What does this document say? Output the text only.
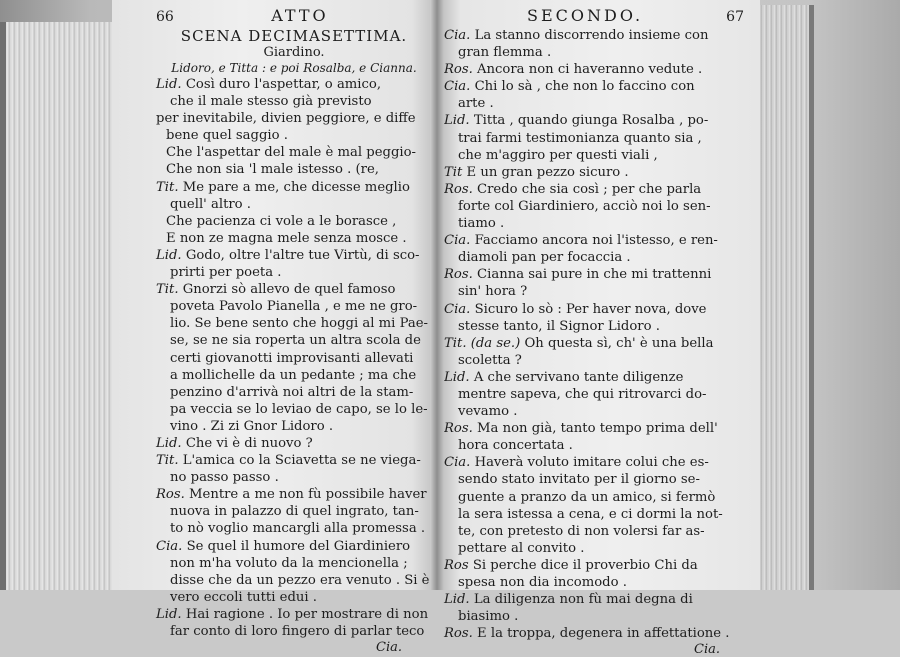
66	ATTO
SCENA DECIMASETTIMA.
Giardino.
Lidoro, e Titta : e poi Rosalba, e Cianna.
Lid. Così duro l'aspettar, o amico,
che il male stesso già previsto
per inevitabile, divien peggiore, e diffe
bene quel saggio .
Che l'aspettar del male è mal peggio-
Che non sia 'l male istesso . (re,
Tit. Me pare a me, che dicesse meglio
quell' altro .
Che pacienza ci vole a le borasce ,
E non ze magna mele senza mosce .
Lid. Godo, oltre l'altre tue Virtù, di sco-
prirti per poeta .
Tit. Gnorzi sò allevo de quel famoso
poveta Pavolo Pianella , e me ne gro-
lio. Se bene sento che hoggi al mi Pae-
se, se ne sia roperta un altra scola de
certi giovanotti improvisanti allevati
a mollichelle da un pedante ; ma che
penzino d'arrivà noi altri de la stam-
pa veccia se lo leviao de capo, se lo le-
vino . Zi zi Gnor Lidoro .
Lid. Che vi è di nuovo ?
Tit. L'amica co la Sciavetta se ne viega-
no passo passo .
Ros. Mentre a me non fù possibile haver
nuova in palazzo di quel ingrato, tan-
to nò voglio mancargli alla promessa .
Cia. Se quel il humore del Giardiniero
non m'ha voluto da la mencionella ;
disse che da un pezzo era venuto . Si è
vero eccoli tutti edui .
Lid. Hai ragione . Io per mostrare di non
far conto di loro fingero di parlar teco
Cia.
SECONDO.	67
Cia. La stanno discorrendo insieme con
gran flemma .
Ros. Ancora non ci haveranno vedute .
Cia. Chi lo sà , che non lo faccino con
arte .
Lid. Titta , quando giunga Rosalba , po-
trai farmi testimonianza quanto sia ,
che m'aggiro per questi viali ,
Tit E un gran pezzo sicuro .
Ros. Credo che sia così ; per che parla
forte col Giardiniero, acciò noi lo sen-
tiamo .
Cia. Facciamo ancora noi l'istesso, e ren-
diamoli pan per focaccia .
Ros. Cianna sai pure in che mi trattenni
sin' hora ?
Cia. Sicuro lo sò : Per haver nova, dove
stesse tanto, il Signor Lidoro .
Tit. (da se.) Oh questa sì, ch' è una bella
scoletta ?
Lid. A che servivano tante diligenze
mentre sapeva, che qui ritrovarci do-
vevamo .
Ros. Ma non già, tanto tempo prima dell'
hora concertata .
Cia. Haverà voluto imitare colui che es-
sendo stato invitato per il giorno se-
guente a pranzo da un amico, si fermò
la sera istessa a cena, e ci dormi la not-
te, con pretesto di non volersi far as-
pettare al convito .
Ros Si perche dice il proverbio Chi da
spesa non dia incomodo .
Lid. La diligenza non fù mai degna di
biasimo .
Ros. E la troppa, degenera in affettatione .
Cia.
